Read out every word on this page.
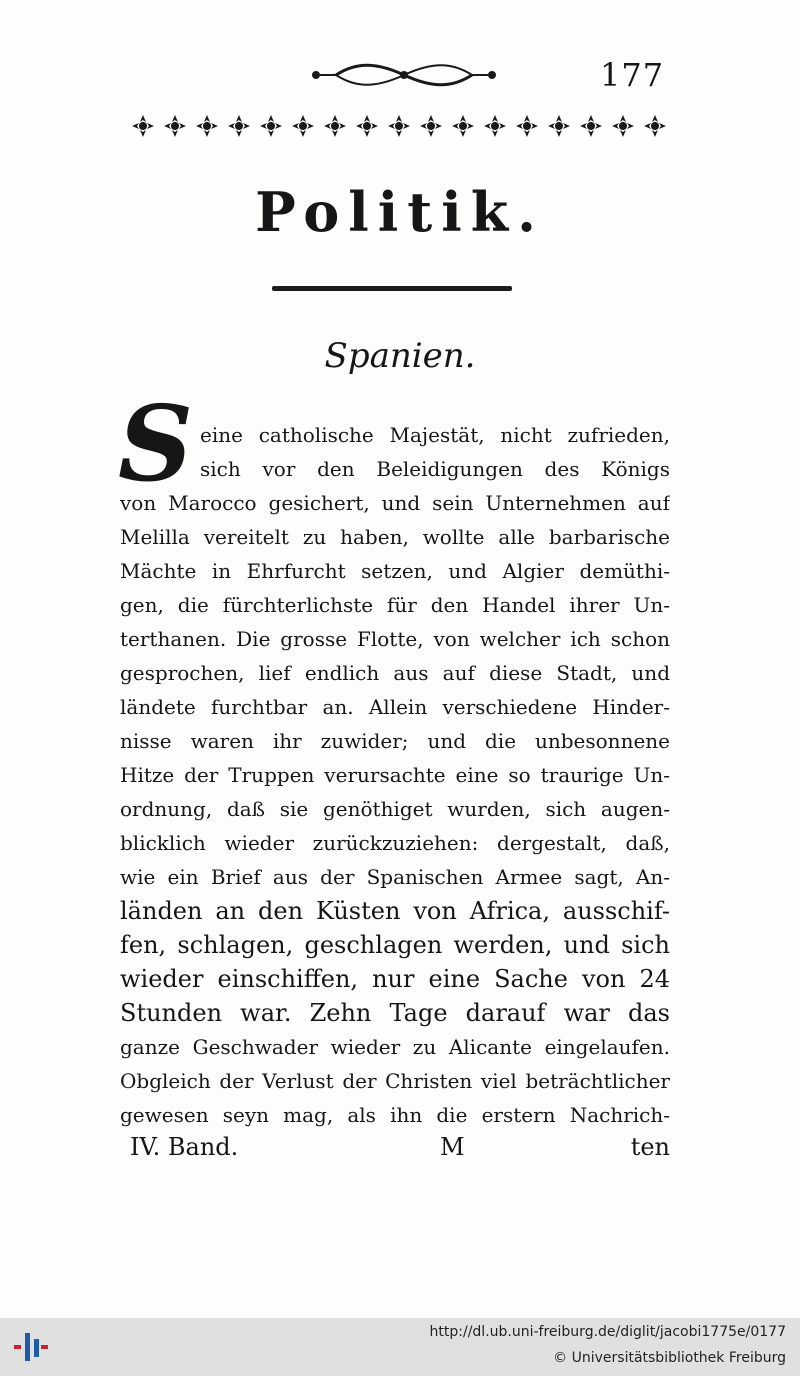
177
Politik.
Spanien.
S eine catholische Majestät, nicht zufrieden,
sich vor den Beleidigungen des Königs
von Marocco gesichert, und sein Unternehmen auf
Melilla vereitelt zu haben, wollte alle barbarische
Mächte in Ehrfurcht setzen, und Algier demüthi-
gen, die fürchterlichste für den Handel ihrer Un-
terthanen. Die grosse Flotte, von welcher ich schon
gesprochen, lief endlich aus auf diese Stadt, und
ländete furchtbar an. Allein verschiedene Hinder-
nisse waren ihr zuwider; und die unbesonnene
Hitze der Truppen verursachte eine so traurige Un-
ordnung, daß sie genöthiget wurden, sich augen-
blicklich wieder zurückzuziehen: dergestalt, daß,
wie ein Brief aus der Spanischen Armee sagt, An-
länden an den Küsten von Africa, ausschif-
fen, schlagen, geschlagen werden, und sich
wieder einschiffen, nur eine Sache von 24
Stunden war. Zehn Tage darauf war das
ganze Geschwader wieder zu Alicante eingelaufen.
Obgleich der Verlust der Christen viel beträchtlicher
gewesen seyn mag, als ihn die erstern Nachrich-
IV. Band.	M	ten
http://dl.ub.uni-freiburg.de/diglit/jacobi1775e/0177
© Universitätsbibliothek Freiburg
